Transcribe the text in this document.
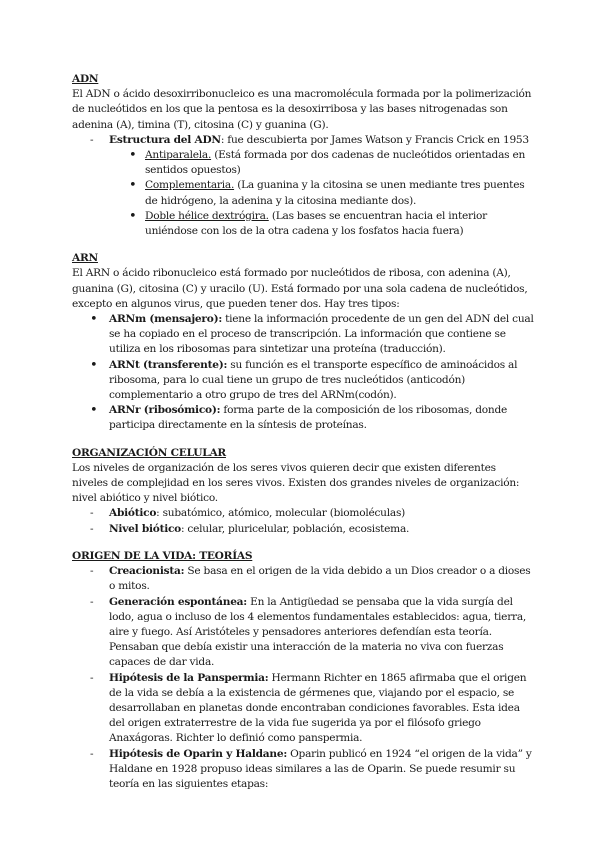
ADN

El ADN o ácido desoxirribonucleico es una macromolécula formada por la polimerización de nucleótidos en los que la pentosa es la desoxirribosa y las bases nitrogenadas son adenina (A), timina (T), citosina (C) y guanina (G).

- Estructura del ADN: fue descubierta por James Watson y Francis Crick en 1953
• Antiparalela. (Está formada por dos cadenas de nucleótidos orientadas en sentidos opuestos)
• Complementaria. (La guanina y la citosina se unen mediante tres puentes de hidrógeno, la adenina y la citosina mediante dos).
• Doble hélice dextrógira. (Las bases se encuentran hacia el interior uniéndose con los de la otra cadena y los fosfatos hacia fuera)

ARN

El ARN o ácido ribonucleico está formado por nucleótidos de ribosa, con adenina (A), guanina (G), citosina (C) y uracilo (U). Está formado por una sola cadena de nucleótidos, excepto en algunos virus, que pueden tener dos. Hay tres tipos:

• ARNm (mensajero): tiene la información procedente de un gen del ADN del cual se ha copiado en el proceso de transcripción. La información que contiene se utiliza en los ribosomas para sintetizar una proteína (traducción).
• ARNt (transferente): su función es el transporte específico de aminoácidos al ribosoma, para lo cual tiene un grupo de tres nucleótidos (anticodón) complementario a otro grupo de tres del ARNm(codón).
• ARNr (ribosómico): forma parte de la composición de los ribosomas, donde participa directamente en la síntesis de proteínas.

ORGANIZACIÓN CELULAR

Los niveles de organización de los seres vivos quieren decir que existen diferentes niveles de complejidad en los seres vivos. Existen dos grandes niveles de organización: nivel abiótico y nivel biótico.

- Abiótico: subatómico, atómico, molecular (biomoléculas)
- Nivel biótico: celular, pluricelular, población, ecosistema.

ORIGEN DE LA VIDA: TEORÍAS

- Creacionista: Se basa en el origen de la vida debido a un Dios creador o a dioses o mitos.
- Generación espontánea: En la Antigüedad se pensaba que la vida surgía del lodo, agua o incluso de los 4 elementos fundamentales establecidos: agua, tierra, aire y fuego. Así Aristóteles y pensadores anteriores defendían esta teoría. Pensaban que debía existir una interacción de la materia no viva con fuerzas capaces de dar vida.
- Hipótesis de la Panspermia: Hermann Richter en 1865 afirmaba que el origen de la vida se debía a la existencia de gérmenes que, viajando por el espacio, se desarrollaban en planetas donde encontraban condiciones favorables. Esta idea del origen extraterrestre de la vida fue sugerida ya por el filósofo griego Anaxágoras. Richter lo definió como panspermia.
- Hipótesis de Oparin y Haldane: Oparin publicó en 1924 “el origen de la vida” y Haldane en 1928 propuso ideas similares a las de Oparin. Se puede resumir su teoría en las siguientes etapas:
